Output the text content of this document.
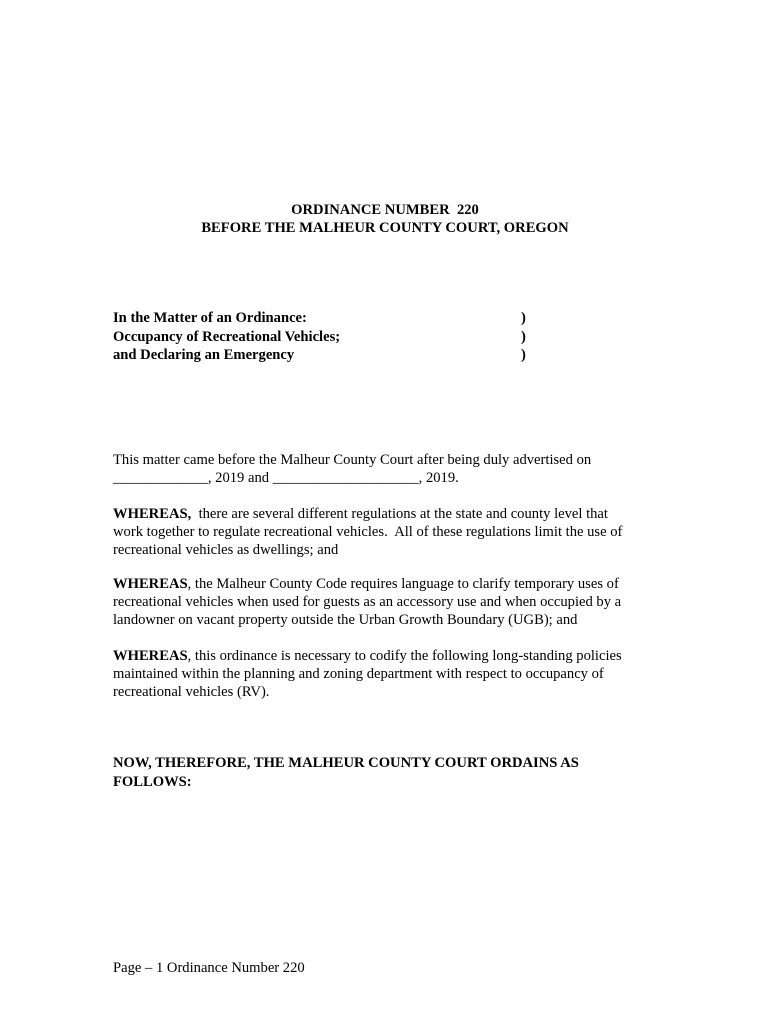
ORDINANCE NUMBER  220
BEFORE THE MALHEUR COUNTY COURT, OREGON
In the Matter of an Ordinance:	)
Occupancy of Recreational Vehicles;	)
and Declaring an Emergency	)
This matter came before the Malheur County Court after being duly advertised on
_____________, 2019 and ____________________, 2019.
WHEREAS,  there are several different regulations at the state and county level that
work together to regulate recreational vehicles.  All of these regulations limit the use of
recreational vehicles as dwellings; and
WHEREAS, the Malheur County Code requires language to clarify temporary uses of
recreational vehicles when used for guests as an accessory use and when occupied by a
landowner on vacant property outside the Urban Growth Boundary (UGB); and
WHEREAS, this ordinance is necessary to codify the following long-standing policies
maintained within the planning and zoning department with respect to occupancy of
recreational vehicles (RV).
NOW, THEREFORE, THE MALHEUR COUNTY COURT ORDAINS AS
FOLLOWS:
Page – 1 Ordinance Number 220
